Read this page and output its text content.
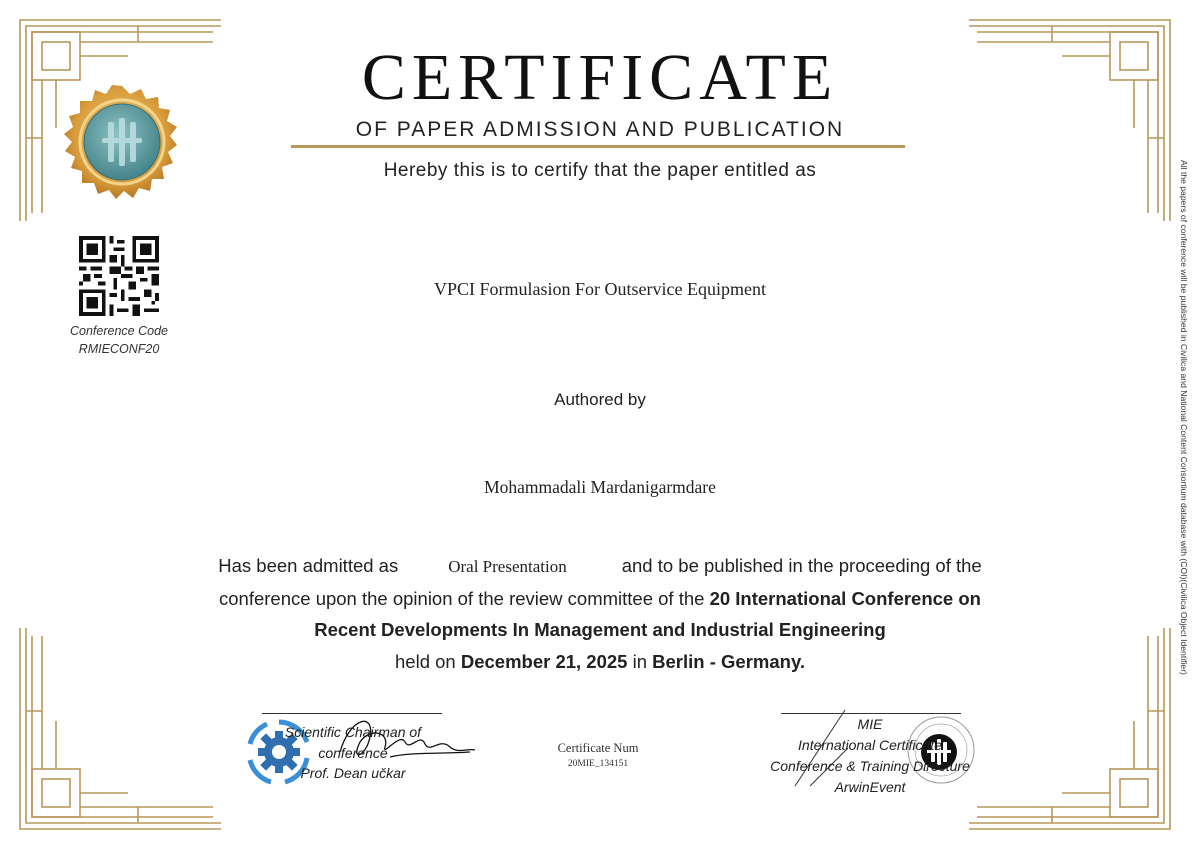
CERTIFICATE
OF PAPER ADMISSION AND PUBLICATION
Hereby this is to certify that the paper entitled as
Conference Code
RMIECONF20
VPCI Formulasion For Outservice Equipment
Authored by
Mohammadali Mardanigarmdare
Has been admitted as	Oral Presentation	and to be published in the proceeding of the
conference upon the opinion of the review committee of the 20 International Conference on
Recent Developments In Management and Industrial Engineering
held on December 21, 2025 in Berlin - Germany.
Scientific Chairman of
conference
Prof. Dean učkar
Certificate Num
20MIE_134151
MIE
International Certificate
Conference & Training Directure
ArwinEvent
All the papers of conference will be published in Civilica and National Content Consortium database with (COI)(Civilica Object Identifier)
